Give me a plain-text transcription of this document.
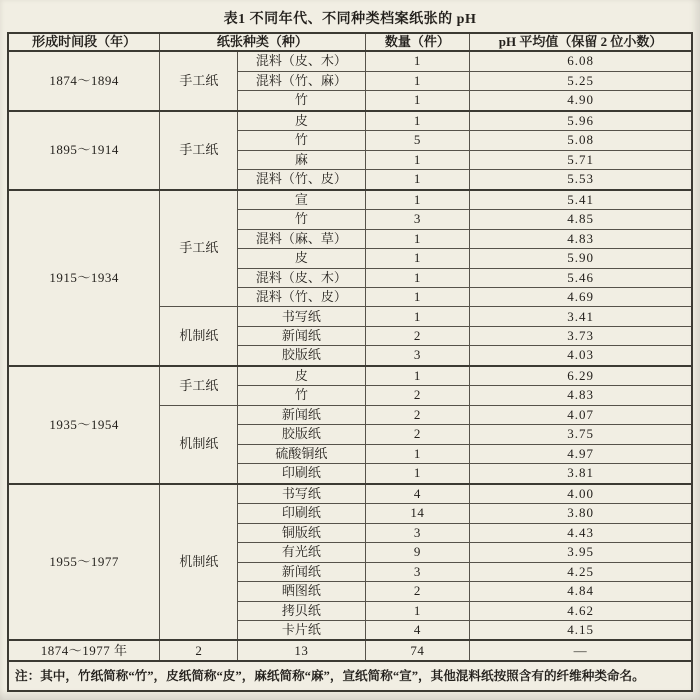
表1 不同年代、不同种类档案纸张的 pH
形成时间段（年）	纸张种类（种）		数量（件）	pH 平均值（保留 2 位小数）
1874～1894	手工纸	混料（皮、木）	1	6.08
		混料（竹、麻）	1	5.25
		竹	1	4.90
1895～1914	手工纸	皮	1	5.96
		竹	5	5.08
		麻	1	5.71
		混料（竹、皮）	1	5.53
1915～1934	手工纸	宣	1	5.41
		竹	3	4.85
		混料（麻、草）	1	4.83
		皮	1	5.90
		混料（皮、木）	1	5.46
		混料（竹、皮）	1	4.69
	机制纸	书写纸	1	3.41
		新闻纸	2	3.73
		胶版纸	3	4.03
1935～1954	手工纸	皮	1	6.29
		竹	2	4.83
	机制纸	新闻纸	2	4.07
		胶版纸	2	3.75
		硫酸铜纸	1	4.97
		印刷纸	1	3.81
1955～1977	机制纸	书写纸	4	4.00
		印刷纸	14	3.80
		铜版纸	3	4.43
		有光纸	9	3.95
		新闻纸	3	4.25
		晒图纸	2	4.84
		拷贝纸	1	4.62
		卡片纸	4	4.15
1874～1977 年	2	13	74	—
注：其中，竹纸简称“竹”，皮纸简称“皮”，麻纸简称“麻”，宣纸简称“宣”，其他混料纸按照含有的纤维种类命名。				
